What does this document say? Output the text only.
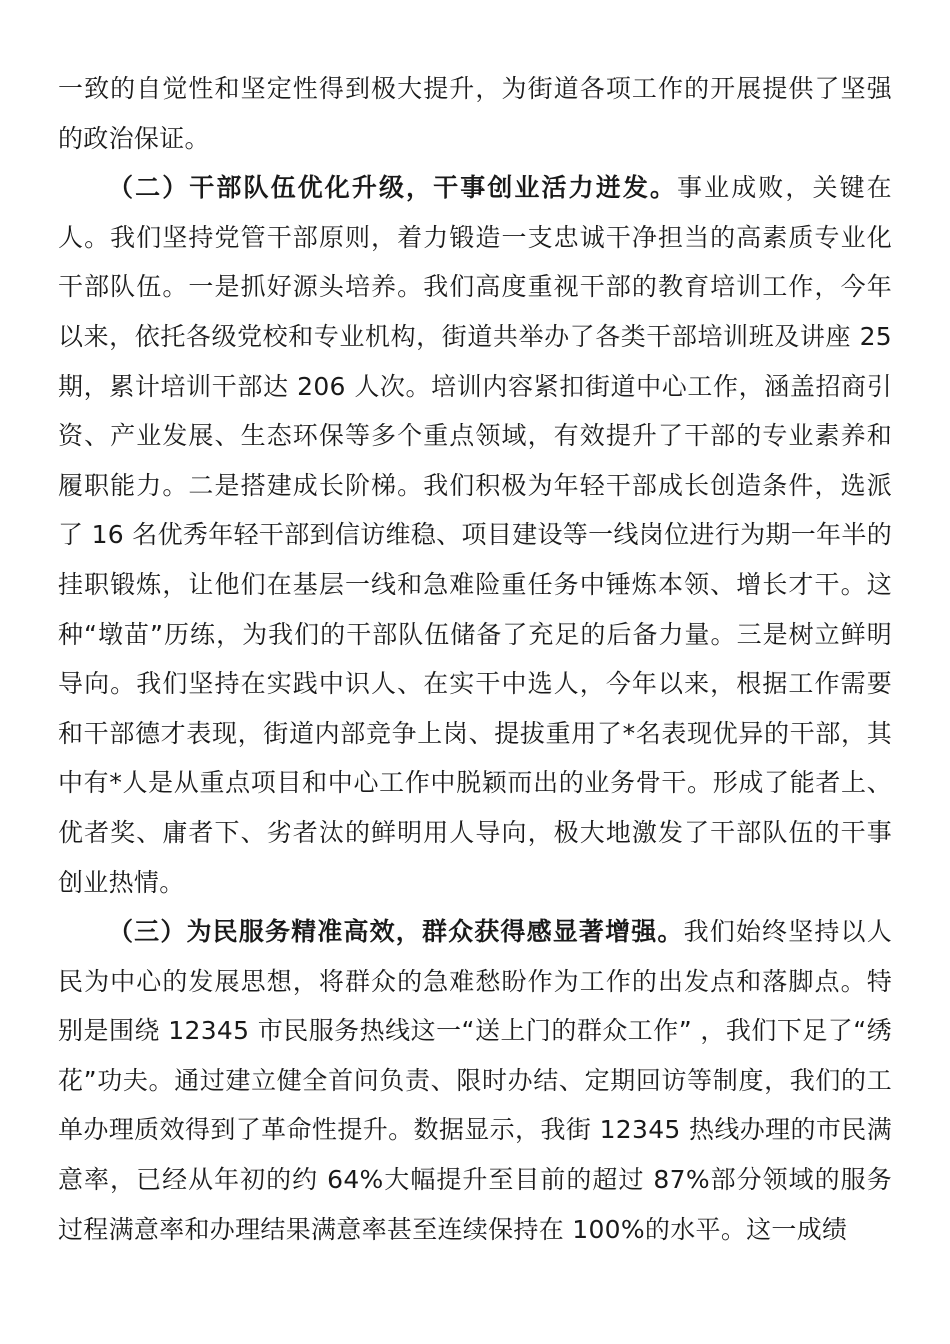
一致的自觉性和坚定性得到极大提升，为街道各项工作的开展提供了坚强的政治保证。

（二）干部队伍优化升级，干事创业活力迸发。事业成败，关键在人。我们坚持党管干部原则，着力锻造一支忠诚干净担当的高素质专业化干部队伍。一是抓好源头培养。我们高度重视干部的教育培训工作，今年以来，依托各级党校和专业机构，街道共举办了各类干部培训班及讲座 25 期，累计培训干部达 206 人次。培训内容紧扣街道中心工作，涵盖招商引资、产业发展、生态环保等多个重点领域，有效提升了干部的专业素养和履职能力。二是搭建成长阶梯。我们积极为年轻干部成长创造条件，选派了 16 名优秀年轻干部到信访维稳、项目建设等一线岗位进行为期一年半的挂职锻炼，让他们在基层一线和急难险重任务中锤炼本领、增长才干。这种“墩苗”历练，为我们的干部队伍储备了充足的后备力量。三是树立鲜明导向。我们坚持在实践中识人、在实干中选人，今年以来，根据工作需要和干部德才表现，街道内部竞争上岗、提拔重用了*名表现优异的干部，其中有*人是从重点项目和中心工作中脱颖而出的业务骨干。形成了能者上、优者奖、庸者下、劣者汰的鲜明用人导向，极大地激发了干部队伍的干事创业热情。

（三）为民服务精准高效，群众获得感显著增强。我们始终坚持以人民为中心的发展思想，将群众的急难愁盼作为工作的出发点和落脚点。特别是围绕 12345 市民服务热线这一“送上门的群众工作” ，我们下足了“绣花”功夫。通过建立健全首问负责、限时办结、定期回访等制度，我们的工单办理质效得到了革命性提升。数据显示，我街 12345 热线办理的市民满意率，已经从年初的约 64%大幅提升至目前的超过 87%部分领域的服务过程满意率和办理结果满意率甚至连续保持在 100%的水平。这一成绩
